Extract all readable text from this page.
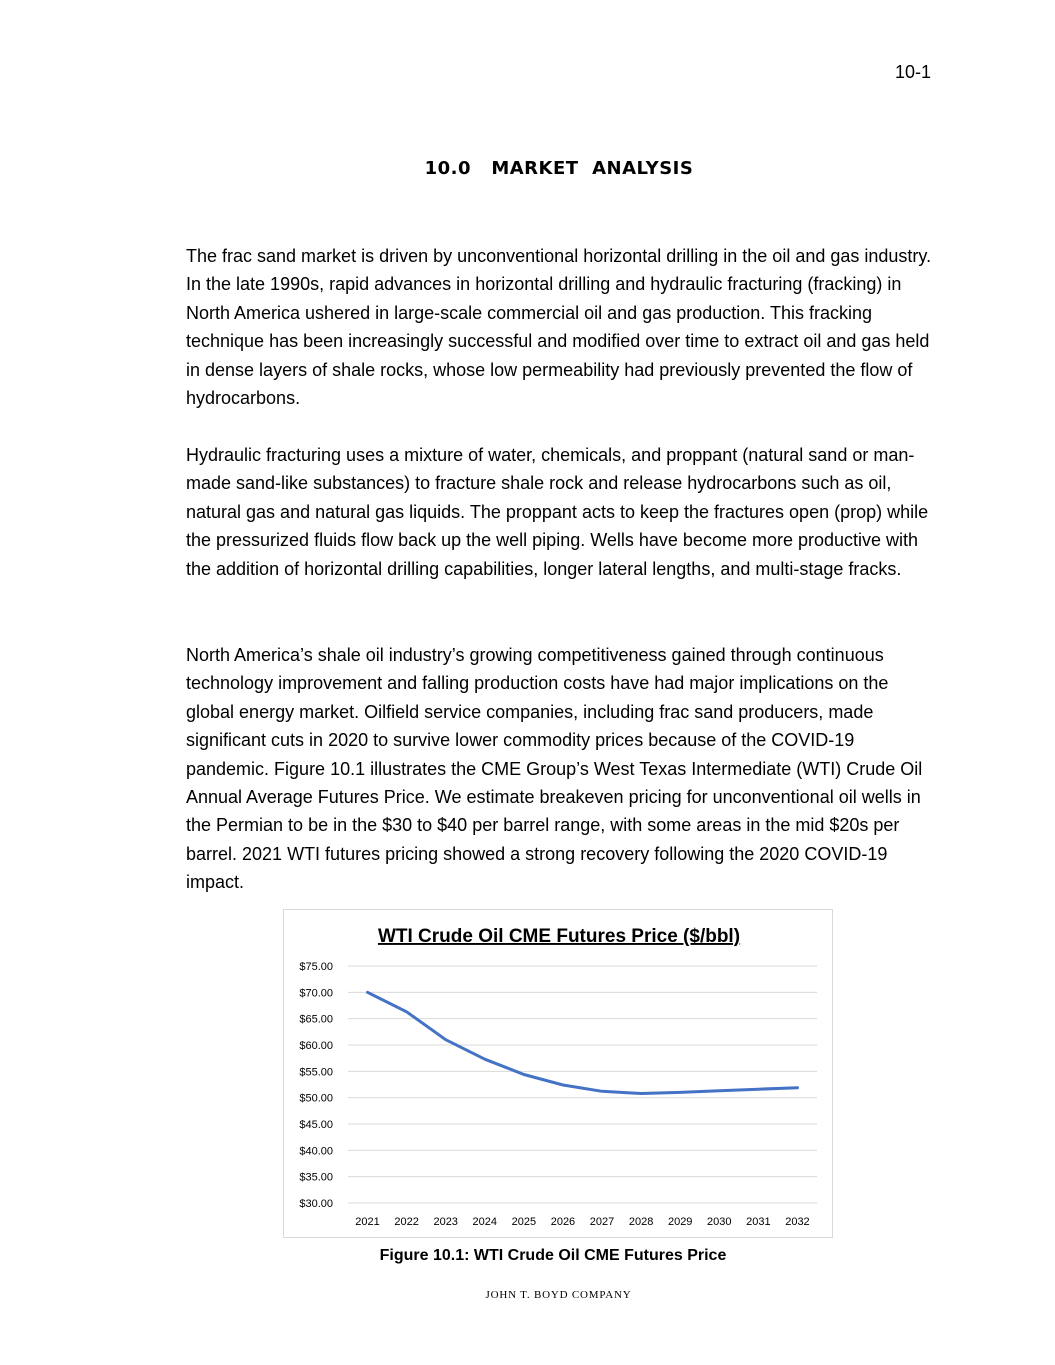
10-1
10.0   MARKET  ANALYSIS

The frac sand market is driven by unconventional horizontal drilling in the oil and gas industry. In the late 1990s, rapid advances in horizontal drilling and hydraulic fracturing (fracking) in North America ushered in large-scale commercial oil and gas production. This fracking technique has been increasingly successful and modified over time to extract oil and gas held in dense layers of shale rocks, whose low permeability had previously prevented the flow of hydrocarbons.

Hydraulic fracturing uses a mixture of water, chemicals, and proppant (natural sand or man-made sand-like substances) to fracture shale rock and release hydrocarbons such as oil, natural gas and natural gas liquids. The proppant acts to keep the fractures open (prop) while the pressurized fluids flow back up the well piping. Wells have become more productive with the addition of horizontal drilling capabilities, longer lateral lengths, and multi-stage fracks.

North America’s shale oil industry’s growing competitiveness gained through continuous technology improvement and falling production costs have had major implications on the global energy market. Oilfield service companies, including frac sand producers, made significant cuts in 2020 to survive lower commodity prices because of the COVID-19 pandemic. Figure 10.1 illustrates the CME Group’s West Texas Intermediate (WTI) Crude Oil Annual Average Futures Price. We estimate breakeven pricing for unconventional oil wells in the Permian to be in the $30 to $40 per barrel range, with some areas in the mid $20s per barrel. 2021 WTI futures pricing showed a strong recovery following the 2020 COVID-19 impact.

WTI Crude Oil CME Futures Price ($/bbl)
$75.00
$70.00
$65.00
$60.00
$55.00
$50.00
$45.00
$40.00
$35.00
$30.00
2021 2022 2023 2024 2025 2026 2027 2028 2029 2030 2031 2032
Figure 10.1: WTI Crude Oil CME Futures Price
JOHN T. BOYD COMPANY
